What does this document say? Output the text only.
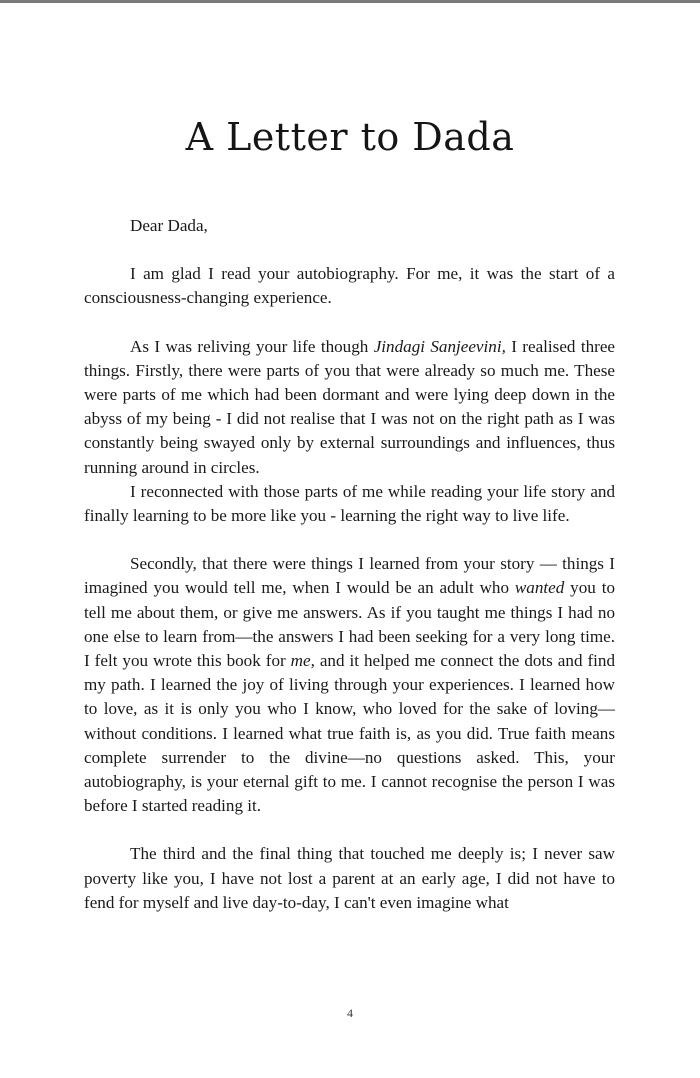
A Letter to Dada

Dear Dada,

I am glad I read your autobiography. For me, it was the start of a consciousness-changing experience.

As I was reliving your life though Jindagi Sanjeevini, I realised three things. Firstly, there were parts of you that were already so much me. These were parts of me which had been dormant and were lying deep down in the abyss of my being - I did not realise that I was not on the right path as I was constantly being swayed only by external surroundings and influences, thus running around in circles.

I reconnected with those parts of me while reading your life story and finally learning to be more like you - learning the right way to live life.

Secondly, that there were things I learned from your story — things I imagined you would tell me, when I would be an adult who wanted you to tell me about them, or give me answers. As if you taught me things I had no one else to learn from—the answers I had been seeking for a very long time. I felt you wrote this book for me, and it helped me connect the dots and find my path. I learned the joy of living through your experiences. I learned how to love, as it is only you who I know, who loved for the sake of loving—without conditions. I learned what true faith is, as you did. True faith means complete surrender to the divine—no questions asked. This, your autobiography, is your eternal gift to me. I cannot recognise the person I was before I started reading it.

The third and the final thing that touched me deeply is; I never saw poverty like you, I have not lost a parent at an early age, I did not have to fend for myself and live day-to-day, I can't even imagine what

4
